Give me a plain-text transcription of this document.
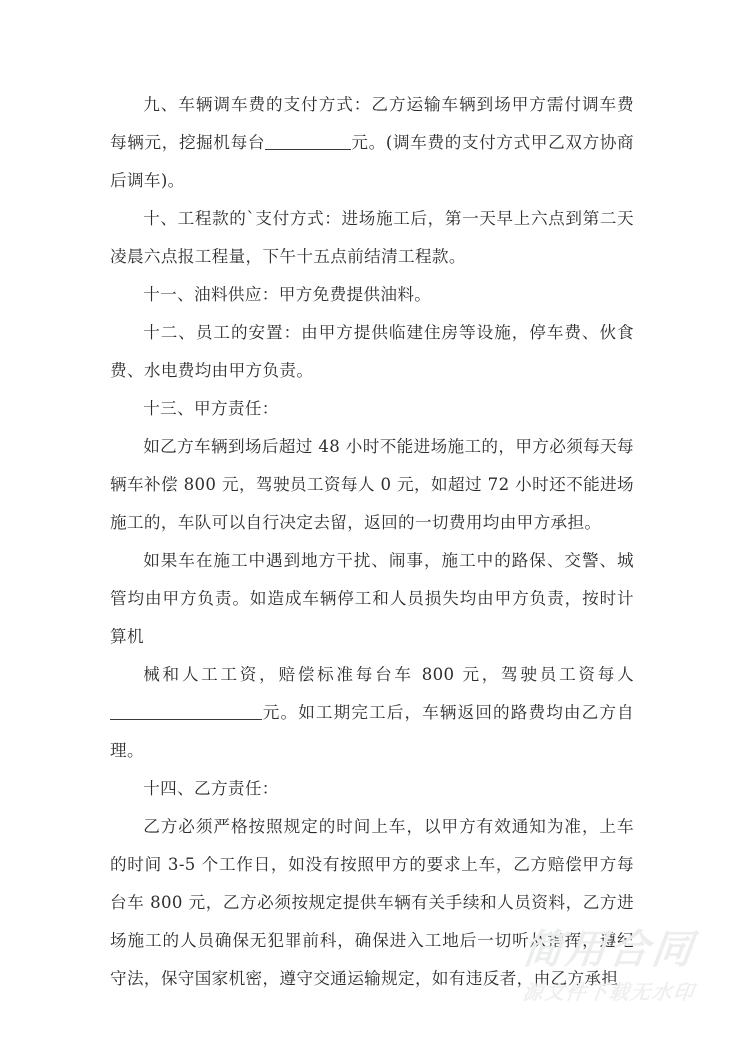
九、车辆调车费的支付方式：乙方运输车辆到场甲方需付调车费每辆元，挖掘机每台	元。(调车费的支付方式甲乙双方协商后调车)。

十、工程款的`支付方式：进场施工后，第一天早上六点到第二天凌晨六点报工程量，下午十五点前结清工程款。

十一、油料供应：甲方免费提供油料。

十二、员工的安置：由甲方提供临建住房等设施，停车费、伙食费、水电费均由甲方负责。

十三、甲方责任：

如乙方车辆到场后超过 48 小时不能进场施工的，甲方必须每天每辆车补偿 800 元，驾驶员工资每人 0 元，如超过 72 小时还不能进场施工的，车队可以自行决定去留，返回的一切费用均由甲方承担。

如果车在施工中遇到地方干扰、闹事，施工中的路保、交警、城管均由甲方负责。如造成车辆停工和人员损失均由甲方负责，按时计算机
械和人工工资，赔偿标准每台车 800 元，驾驶员工资每人
元。如工期完工后，车辆返回的路费均由乙方自理。

十四、乙方责任：

乙方必须严格按照规定的时间上车，以甲方有效通知为准，上车的时间 3-5 个工作日，如没有按照甲方的要求上车，乙方赔偿甲方每台车 800 元，乙方必须按规定提供车辆有关手续和人员资料，乙方进场施工的人员确保无犯罪前科，确保进入工地后一切听从指挥，遵纪守法，保守国家机密，遵守交通运输规定，如有违反者，由乙方承担

简用合同
源文件下载无水印
